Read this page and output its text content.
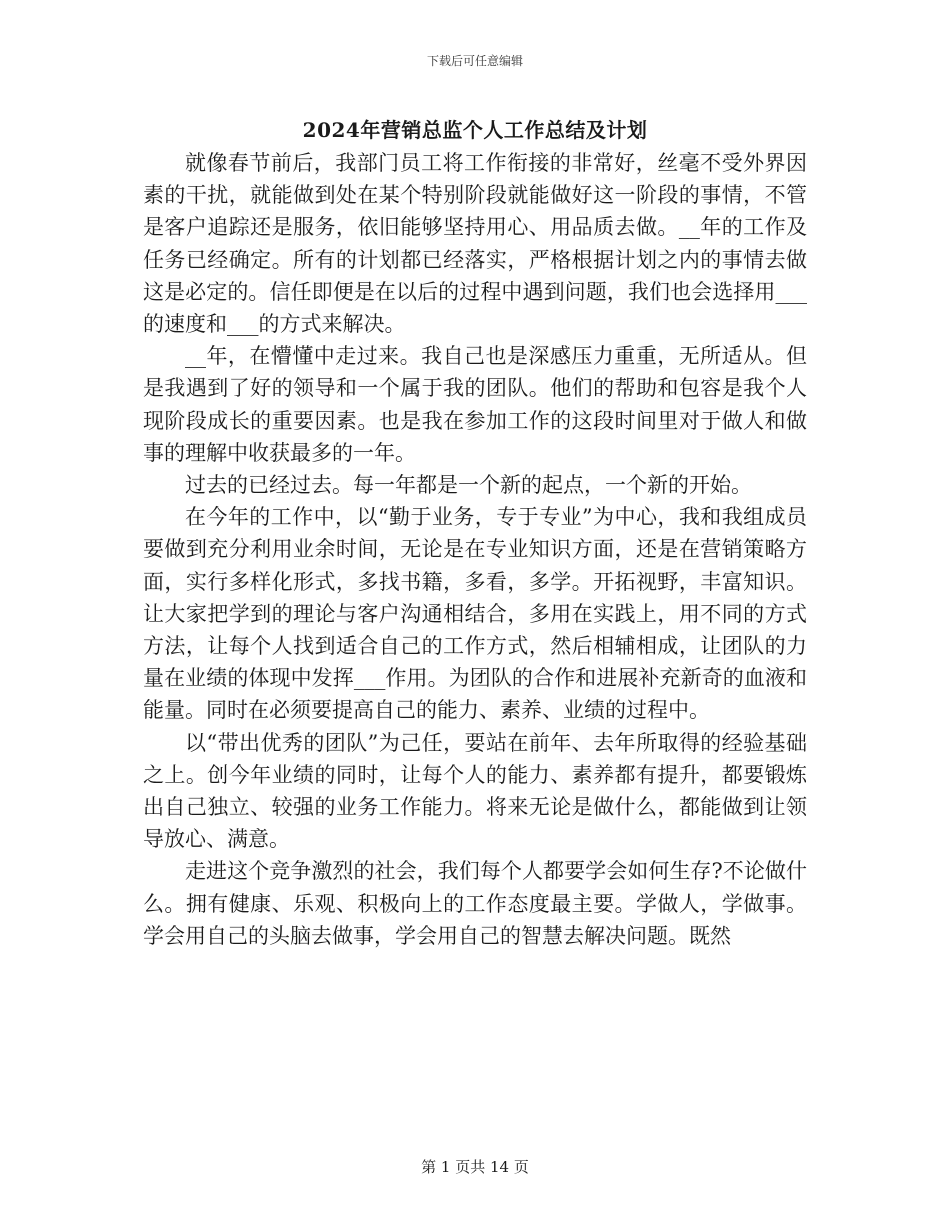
下载后可任意编辑
2024年营销总监个人工作总结及计划

就像春节前后，我部门员工将工作衔接的非常好，丝毫不受外界因素的干扰，就能做到处在某个特别阶段就能做好这一阶段的事情，不管是客户追踪还是服务，依旧能够坚持用心、用品质去做。__年的工作及任务已经确定。所有的计划都已经落实，严格根据计划之内的事情去做这是必定的。信任即便是在以后的过程中遇到问题，我们也会选择用___的速度和___的方式来解决。

__年，在懵懂中走过来。我自己也是深感压力重重，无所适从。但是我遇到了好的领导和一个属于我的团队。他们的帮助和包容是我个人现阶段成长的重要因素。也是我在参加工作的这段时间里对于做人和做事的理解中收获最多的一年。

过去的已经过去。每一年都是一个新的起点，一个新的开始。

在今年的工作中，以“勤于业务，专于专业”为中心，我和我组成员要做到充分利用业余时间，无论是在专业知识方面，还是在营销策略方面，实行多样化形式，多找书籍，多看，多学。开拓视野，丰富知识。让大家把学到的理论与客户沟通相结合，多用在实践上，用不同的方式方法，让每个人找到适合自己的工作方式，然后相辅相成，让团队的力量在业绩的体现中发挥___作用。为团队的合作和进展补充新奇的血液和能量。同时在必须要提高自己的能力、素养、业绩的过程中。

以“带出优秀的团队”为己任，要站在前年、去年所取得的经验基础之上。创今年业绩的同时，让每个人的能力、素养都有提升，都要锻炼出自己独立、较强的业务工作能力。将来无论是做什么，都能做到让领导放心、满意。

走进这个竞争激烈的社会，我们每个人都要学会如何生存?不论做什么。拥有健康、乐观、积极向上的工作态度最主要。学做人，学做事。学会用自己的头脑去做事，学会用自己的智慧去解决问题。既然

第 1 页共 14 页
